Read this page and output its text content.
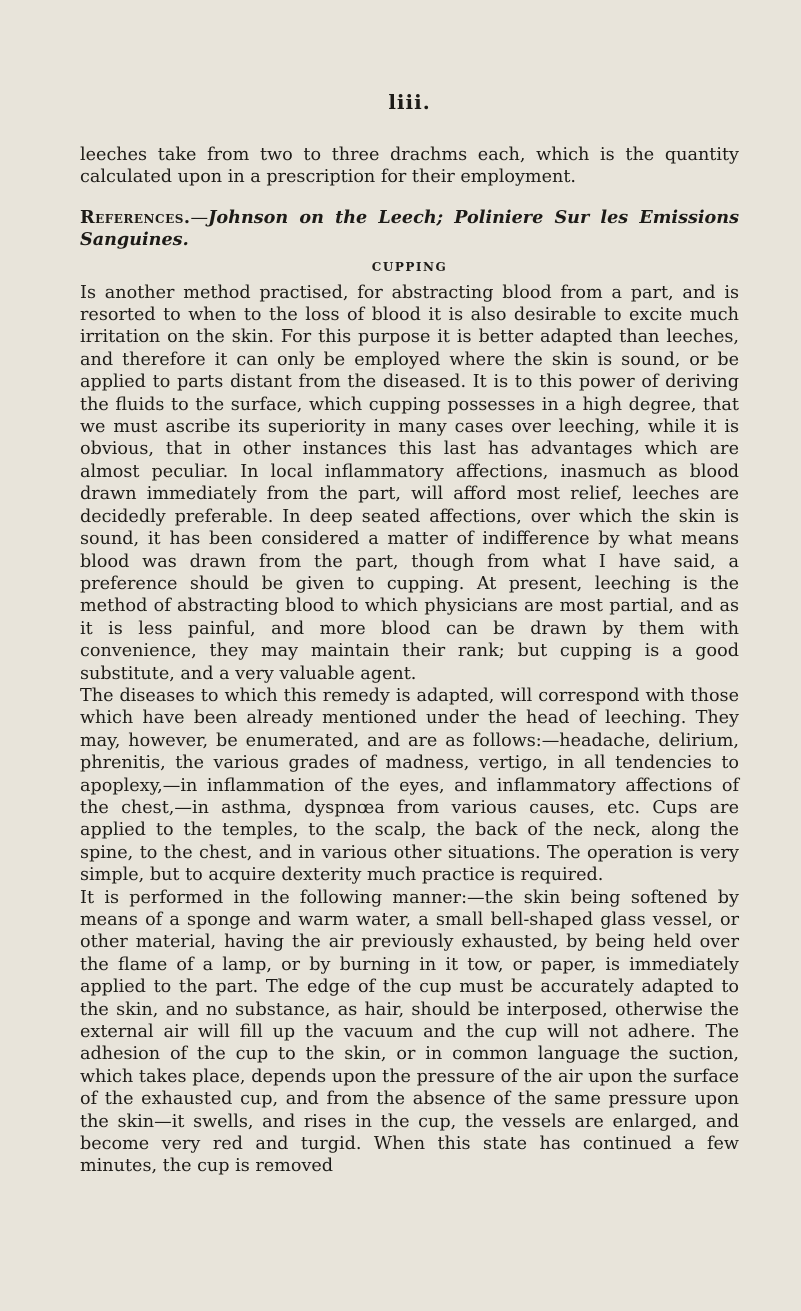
liii.

leeches take from two to three drachms each, which is the quantity calculated upon in a prescription for their employment.

References.—Johnson on the Leech; Poliniere Sur les Emissions Sanguines.

CUPPING

Is another method practised, for abstracting blood from a part, and is resorted to when to the loss of blood it is also desirable to excite much irritation on the skin. For this purpose it is better adapted than leeches, and therefore it can only be employed where the skin is sound, or be applied to parts distant from the diseased. It is to this power of deriving the fluids to the surface, which cupping possesses in a high degree, that we must ascribe its superiority in many cases over leeching, while it is obvious, that in other instances this last has advantages which are almost peculiar. In local inflammatory affections, inasmuch as blood drawn immediately from the part, will afford most relief, leeches are decidedly preferable. In deep seated affections, over which the skin is sound, it has been considered a matter of indifference by what means blood was drawn from the part, though from what I have said, a preference should be given to cupping. At present, leeching is the method of abstracting blood to which physicians are most partial, and as it is less painful, and more blood can be drawn by them with convenience, they may maintain their rank; but cupping is a good substitute, and a very valuable agent.

The diseases to which this remedy is adapted, will correspond with those which have been already mentioned under the head of leeching. They may, however, be enumerated, and are as follows:—headache, delirium, phrenitis, the various grades of madness, vertigo, in all tendencies to apoplexy,—in inflammation of the eyes, and inflammatory affections of the chest,—in asthma, dyspnœa from various causes, etc. Cups are applied to the temples, to the scalp, the back of the neck, along the spine, to the chest, and in various other situations. The operation is very simple, but to acquire dexterity much practice is required.

It is performed in the following manner:—the skin being softened by means of a sponge and warm water, a small bell-shaped glass vessel, or other material, having the air previously exhausted, by being held over the flame of a lamp, or by burning in it tow, or paper, is immediately applied to the part. The edge of the cup must be accurately adapted to the skin, and no substance, as hair, should be interposed, otherwise the external air will fill up the vacuum and the cup will not adhere. The adhesion of the cup to the skin, or in common language the suction, which takes place, depends upon the pressure of the air upon the surface of the exhausted cup, and from the absence of the same pressure upon the skin—it swells, and rises in the cup, the vessels are enlarged, and become very red and turgid. When this state has continued a few minutes, the cup is removed
